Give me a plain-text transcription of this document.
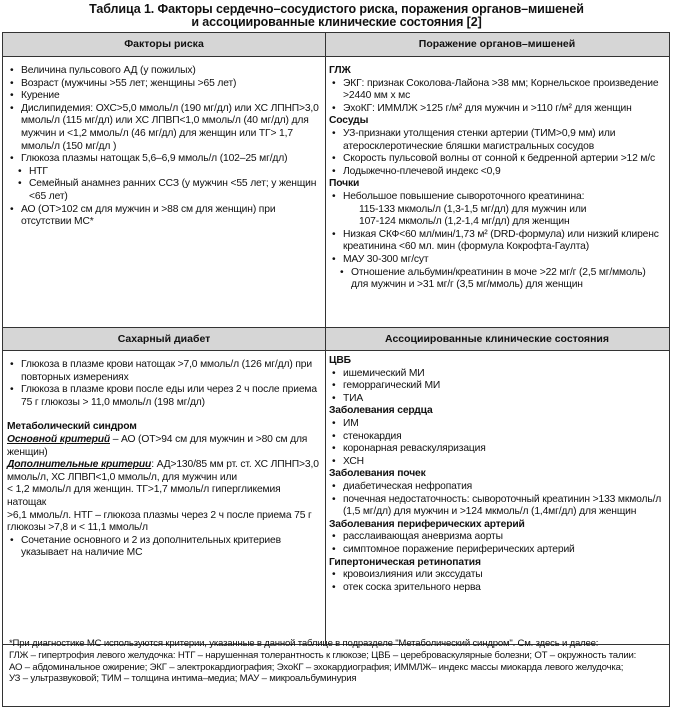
Таблица 1. Факторы сердечно–сосудистого риска, поражения органов–мишеней
и ассоциированные клинические состояния [2]
Факторы риска	Поражение органов–мишеней
Сахарный диабет	Ассоциированные клинические состояния
• Величина пульсового АД (у пожилых)
• Возраст (мужчины >55 лет; женщины >65 лет)
• Курение
• Дислипидемия: ОХС>5,0 ммоль/л (190 мг/дл) или ХС ЛПНП>3,0 ммоль/л (115 мг/дл) или ХС ЛПВП<1,0 ммоль/л (40 мг/дл) для мужчин и <1,2 ммоль/л (46 мг/дл) для женщин или ТГ> 1,7 ммоль/л (150 мг/дл )
• Глюкоза плазмы натощак 5,6–6,9 ммоль/л (102–25 мг/дл)
• НТГ
• Семейный анамнез ранних ССЗ (у мужчин <55 лет; у женщин <65 лет)
• АО (ОТ>102 см для мужчин и >88 см для женщин) при отсутствии МС*
ГЛЖ
• ЭКГ: признак Соколова-Лайона >38 мм; Корнельское произведение >2440 мм х мс
• ЭхоКГ: ИММЛЖ >125 г/м² для мужчин и >110 г/м² для женщин
Сосуды
• УЗ-признаки утолщения стенки артерии (ТИМ>0,9 мм) или атеросклеротические бляшки магистральных сосудов
• Скорость пульсовой волны от сонной к бедренной артерии >12 м/с
• Лодыжечно-плечевой индекс <0,9
Почки
• Небольшое повышение сывороточного креатинина:
115-133 мкмоль/л (1,3-1,5 мг/дл) для мужчин или
107-124 мкмоль/л (1,2-1,4 мг/дл) для женщин
• Низкая СКФ<60 мл/мин/1,73 м² (DRD-формула) или низкий клиренс креатинина <60 мл. мин (формула Кокрофта-Гаулта)
• МАУ 30-300 мг/сут
• Отношение альбумин/креатинин в моче >22 мг/г (2,5 мг/ммоль) для мужчин и >31 мг/г (3,5 мг/ммоль) для женщин
• Глюкоза в плазме крови натощак >7,0 ммоль/л (126 мг/дл) при повторных измерениях
• Глюкоза в плазме крови после еды или через 2 ч после приема 75 г глюкозы > 11,0 ммоль/л (198 мг/дл)
Метаболический синдром
Основной критерий – АО (ОТ>94 см для мужчин и >80 см для женщин)
Дополнительные критерии: АД>130/85 мм рт. ст. ХС ЛПНП>3,0 ммоль/л, ХС ЛПВП<1,0 ммоль/л, для мужчин или
< 1,2 ммоль/л для женщин. ТГ>1,7 ммоль/л гипергликемия натощак
>6,1 ммоль/л. НТГ – глюкоза плазмы через 2 ч после приема 75 г глюкозы >7,8 и < 11,1 ммоль/л
• Сочетание основного и 2 из дополнительных критериев указывает на наличие МС
ЦВБ
• ишемический МИ
• геморрагический МИ
• ТИА
Заболевания сердца
• ИМ
• стенокардия
• коронарная реваскуляризация
• ХСН
Заболевания почек
• диабетическая нефропатия
• почечная недостаточность: сывороточный креатинин >133 мкмоль/л (1,5 мг/дл) для мужчин и >124 мкмоль/л (1,4мг/дл) для женщин
Заболевания периферических артерий
• расслаивающая аневризма аорты
• симптомное поражение периферических артерий
Гипертоническая ретинопатия
• кровоизлияния или экссудаты
• отек соска зрительного нерва
*При диагностике МС используются критерии, указанные в данной таблице в подразделе "Метаболический синдром". См. здесь и далее:
ГЛЖ – гипертрофия левого желудочка: НТГ – нарушенная толерантность к глюкозе; ЦВБ – цереброваскулярные болезни; ОТ – окружность талии:
АО – абдоминальное ожирение; ЭКГ – электрокардиография; ЭхоКГ – эхокардиография; ИММЛЖ– индекс массы миокарда левого желудочка;
УЗ – ультразвуковой; ТИМ – толщина интима–медиа; МАУ – микроальбуминурия
